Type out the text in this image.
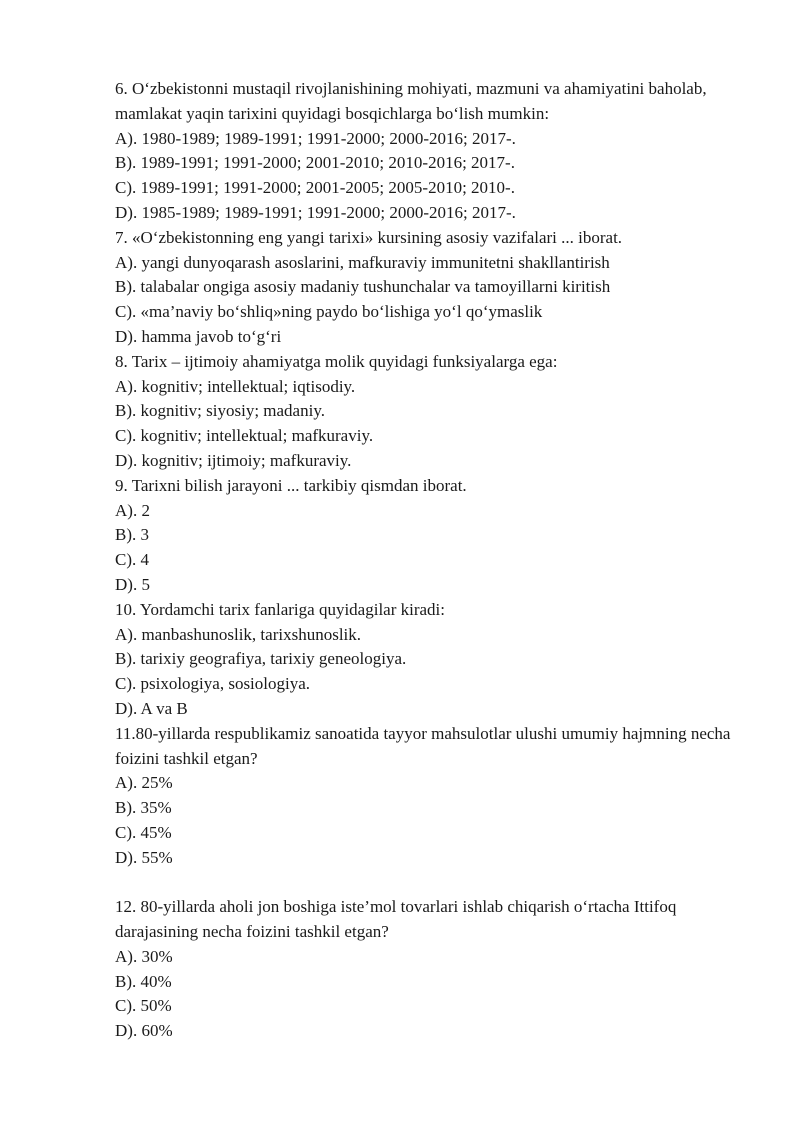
6. O‘zbekistonni mustaqil rivojlanishining mohiyati, mazmuni va ahamiyatini baholab, mamlakat yaqin tarixini quyidagi bosqichlarga bo‘lish mumkin:

A). 1980-1989; 1989-1991; 1991-2000; 2000-2016; 2017-.

B). 1989-1991; 1991-2000; 2001-2010; 2010-2016; 2017-.

C). 1989-1991; 1991-2000; 2001-2005; 2005-2010; 2010-.

D). 1985-1989; 1989-1991; 1991-2000; 2000-2016; 2017-.

7. «O‘zbekistonning eng yangi tarixi» kursining asosiy vazifalari ... iborat.

A). yangi dunyoqarash asoslarini, mafkuraviy immunitetni shakllantirish

B). talabalar ongiga asosiy madaniy tushunchalar va tamoyillarni kiritish

C). «ma’naviy bo‘shliq»ning paydo bo‘lishiga yo‘l qo‘ymaslik

D). hamma javob to‘g‘ri

8. Tarix – ijtimoiy ahamiyatga molik quyidagi funksiyalarga ega:

A). kognitiv; intellektual; iqtisodiy.

B). kognitiv; siyosiy; madaniy.

C). kognitiv; intellektual; mafkuraviy.

D). kognitiv; ijtimoiy; mafkuraviy.

9. Tarixni bilish jarayoni ... tarkibiy qismdan iborat.

A). 2

B). 3

C). 4

D). 5

10. Yordamchi tarix fanlariga quyidagilar kiradi:

A). manbashunoslik, tarixshunoslik.

B). tarixiy geografiya, tarixiy geneologiya.

C). psixologiya, sosiologiya.

D). A va B

11.80-yillarda respublikamiz sanoatida tayyor mahsulotlar ulushi umumiy hajmning necha foizini tashkil etgan?

A). 25%

B). 35%

C). 45%

D). 55%

12. 80-yillarda aholi jon boshiga iste’mol tovarlari ishlab chiqarish o‘rtacha Ittifoq darajasining necha foizini tashkil etgan?

A). 30%

B). 40%

C). 50%

D). 60%
